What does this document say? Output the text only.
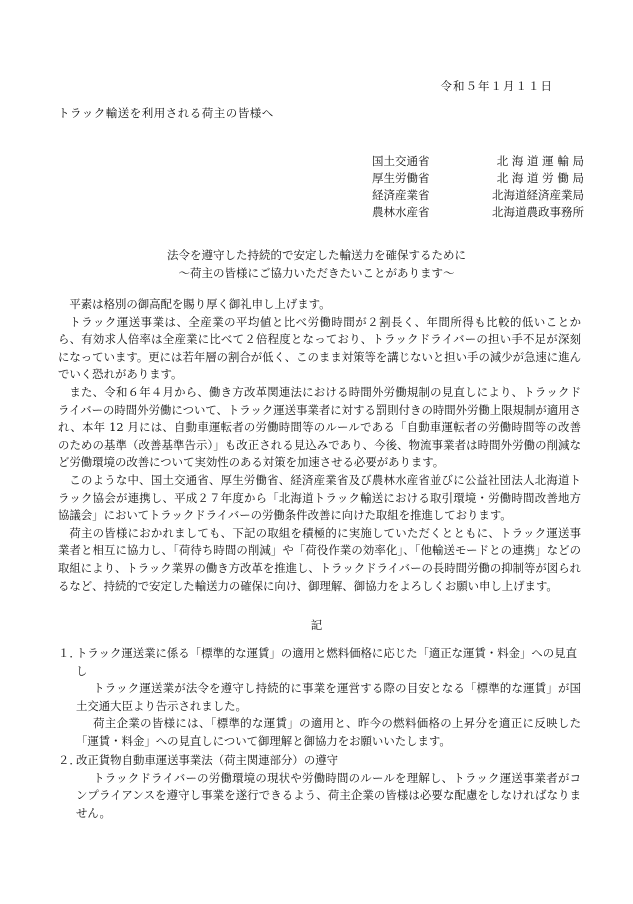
令和５年１月１１日
トラック輸送を利用される荷主の皆様へ
国土交通省	北 海 道 運 輸 局
厚生労働省	北 海 道 労 働 局
経済産業省	北海道経済産業局
農林水産省	北海道農政事務所
法令を遵守した持続的で安定した輸送力を確保するために
～荷主の皆様にご協力いただきたいことがあります～

平素は格別の御高配を賜り厚く御礼申し上げます。

トラック運送事業は、全産業の平均値と比べ労働時間が２割長く、年間所得も比較的低いことから、有効求人倍率は全産業に比べて２倍程度となっており、トラックドライバーの担い手不足が深刻になっています。更には若年層の割合が低く、このまま対策等を講じないと担い手の減少が急速に進んでいく恐れがあります。

また、令和６年４月から、働き方改革関連法における時間外労働規制の見直しにより、トラックドライバーの時間外労働について、トラック運送事業者に対する罰則付きの時間外労働上限規制が適用され、本年 12 月には、自動車運転者の労働時間等のルールである「自動車運転者の労働時間等の改善のための基準（改善基準告示）」も改正される見込みであり、今後、物流事業者は時間外労働の削減など労働環境の改善について実効性のある対策を加速させる必要があります。

このような中、国土交通省、厚生労働省、経済産業省及び農林水産省並びに公益社団法人北海道トラック協会が連携し、平成２７年度から「北海道トラック輸送における取引環境・労働時間改善地方協議会」においてトラックドライバーの労働条件改善に向けた取組を推進しております。

荷主の皆様におかれましても、下記の取組を積極的に実施していただくとともに、トラック運送事業者と相互に協力し、「荷待ち時間の削減」や「荷役作業の効率化」、「他輸送モードとの連携」などの取組により、トラック業界の働き方改革を推進し、トラックドライバーの長時間労働の抑制等が図られるなど、持続的で安定した輸送力の確保に向け、御理解、御協力をよろしくお願い申し上げます。

記
１．
トラック運送業に係る「標準的な運賃」の適用と燃料価格に応じた「適正な運賃・料金」への見直し

トラック運送業が法令を遵守し持続的に事業を運営する際の目安となる「標準的な運賃」が国土交通大臣より告示されました。

荷主企業の皆様には、「標準的な運賃」の適用と、昨今の燃料価格の上昇分を適正に反映した「運賃・料金」への見直しについて御理解と御協力をお願いいたします。

２．
改正貨物自動車運送事業法（荷主関連部分）の遵守

トラックドライバーの労働環境の現状や労働時間のルールを理解し、トラック運送事業者がコンプライアンスを遵守し事業を遂行できるよう、荷主企業の皆様は必要な配慮をしなければなりません。
